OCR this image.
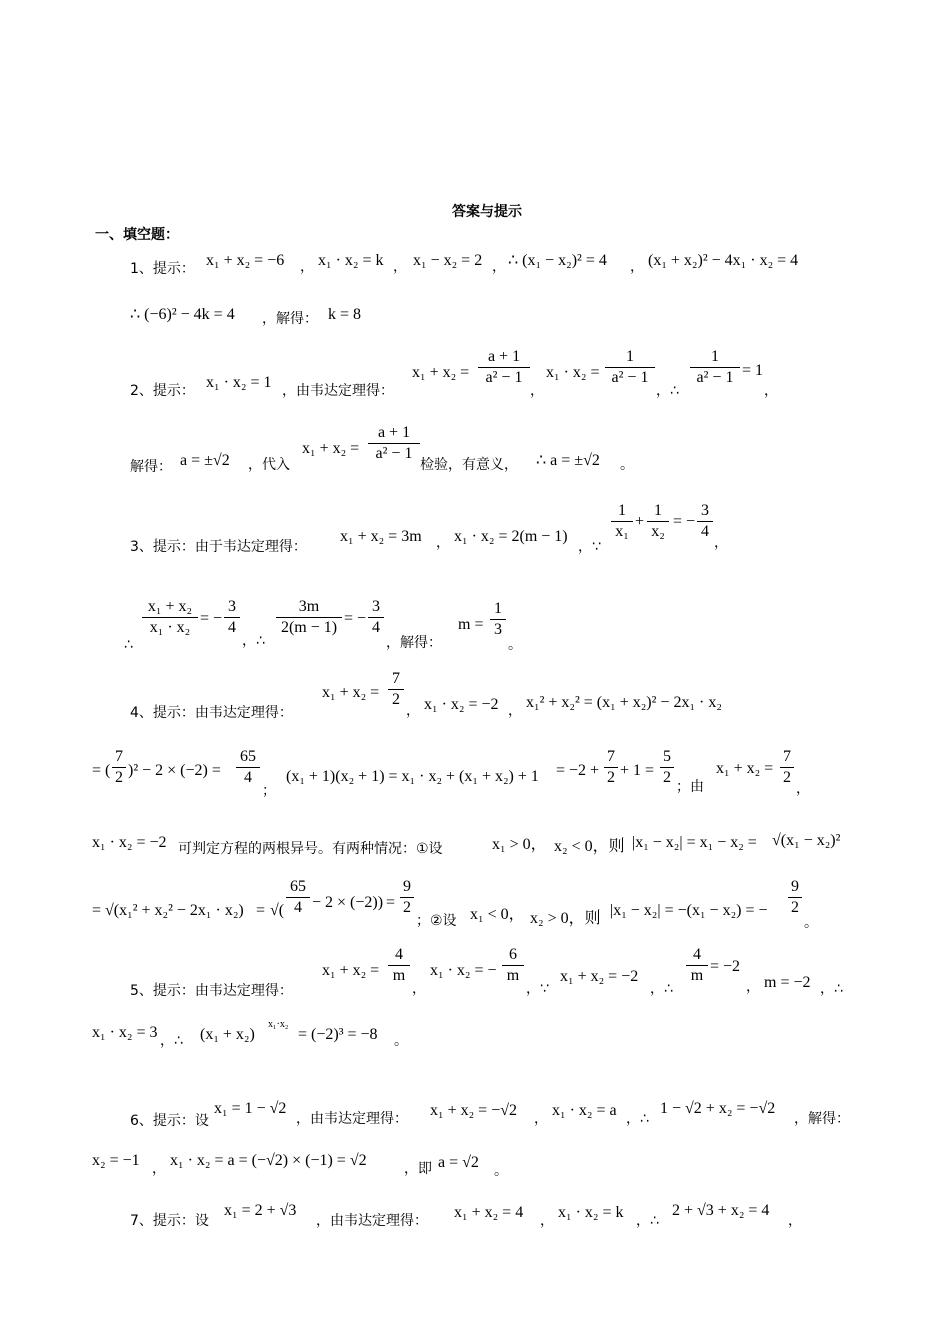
答案与提示
一、填空题：
1、提示： x₁ + x₂ = −6 ， x₁ · x₂ = k ， x₁ − x₂ = 2 ， ∴ (x₁ − x₂)² = 4 ， (x₁ + x₂)² − 4x₁ · x₂ = 4
∴ (−6)² − 4k = 4 ，解得： k = 8
2、提示： x₁ · x₂ = 1 ，由韦达定理得：
x₁ + x₂ =
a + 1
a² − 1
，
x₁ · x₂ =
1
a² − 1
，∴
1
a² − 1 = 1
，
解得： a = ±√2 ，代入
x₁ + x₂ =
a + 1
a² − 1
检验，有意义， ∴ a = ±√2 。
3、提示：由于韦达定理得：
x₁ + x₂ = 3m ， x₁ · x₂ = 2(m − 1)
，∵
1
x₁
+
1
x₂
= −
3
4
，
∴
x₁ + x₂
x₁ · x₂
= −
3
4
，∴
3m
2(m − 1)
= −
3
4
，解得：
m =
1
3
。
4、提示：由韦达定理得：
x₁ + x₂ =
7
2
， x₁ · x₂ = −2 ， x₁² + x₂² = (x₁ + x₂)² − 2x₁ · x₂
= (
7
2 )² − 2 × (−2) =
65
4
；
(x₁ + 1)(x₂ + 1) = x₁ · x₂ + (x₁ + x₂) + 1 = −2 +
7
2 + 1 =
5
2
；由
x₁ + x₂ =
7
2
，
x₁ · x₂ = −2 可判定方程的两根异号。有两种情况：①设	x₁ > 0， x₂ < 0，则 |x₁ − x₂| = x₁ − x₂ = √(x₁ − x₂)²
= √(x₁² + x₂² − 2x₁ · x₂) = √(
65
4 − 2 × (−2)) =
9
2
；②设 x₁ < 0， x₂ > 0，则 |x₁ − x₂| = −(x₁ − x₂) = −
9
2
。
5、提示：由韦达定理得：
x₁ + x₂ =
4
m
，
x₁ · x₂ = −
6
m
，∵
x₁ + x₂ = −2
，∴
4
m
= −2
， m = −2 ，∴
x₁ · x₂ = 3 ，∴ (x₁ + x₂)
x₁·x₂
= (−2)³ = −8 。
6、提示：设
x₁ = 1 − √2
，由韦达定理得： x₁ + x₂ = −√2 ， x₁ · x₂ = a ，∴
1 − √2 + x₂ = −√2
，解得：
x₂ = −1 ， x₁ · x₂ = a = (−√2) × (−1) = √2	，即 a = √2 。
7、提示：设
x₁ = 2 + √3
，由韦达定理得： x₁ + x₂ = 4 ， x₁ · x₂ = k ，∴
2 + √3 + x₂ = 4
，
